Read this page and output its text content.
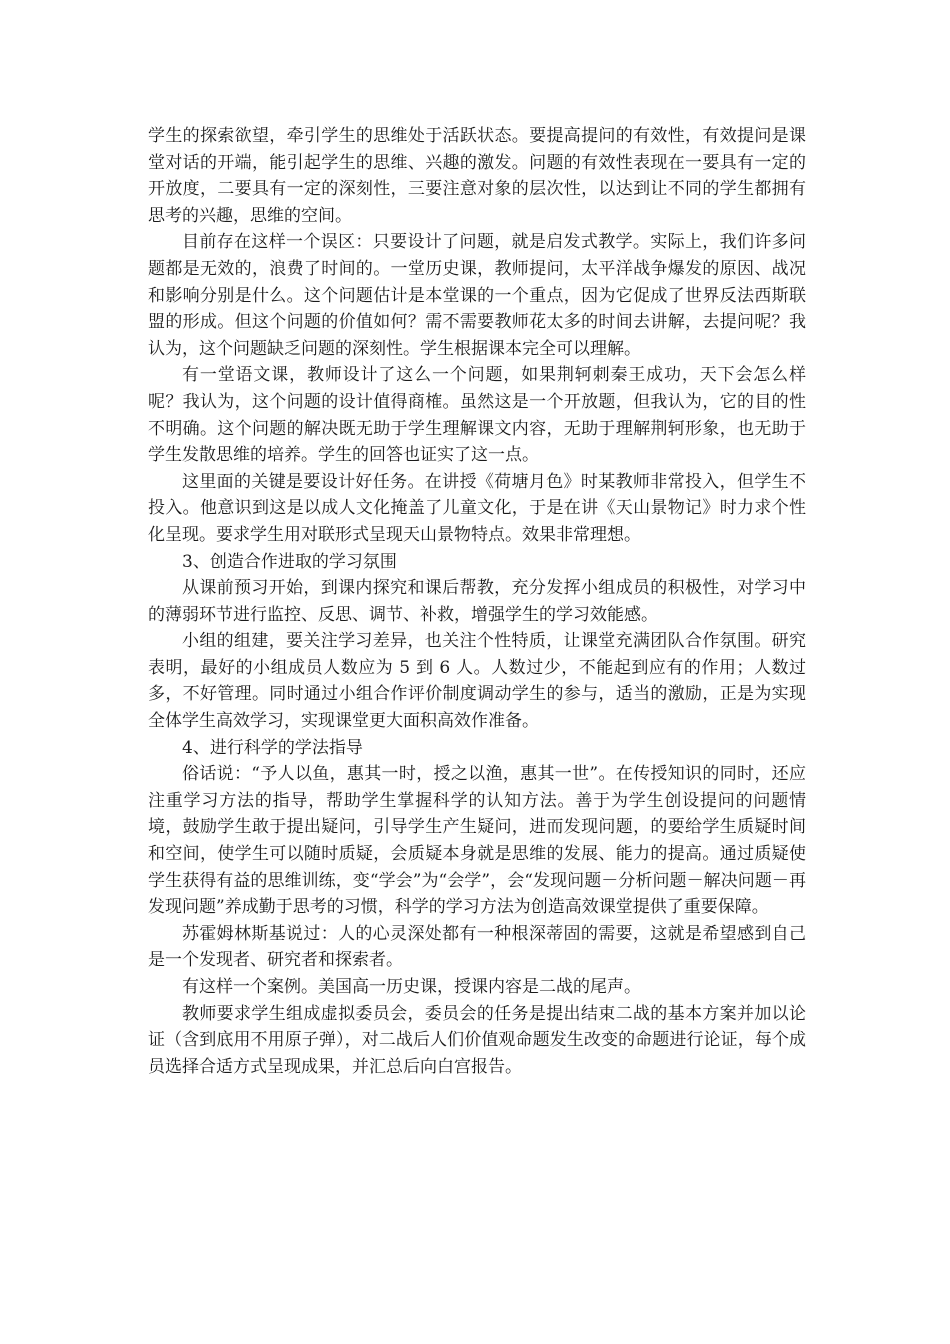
学生的探索欲望，牵引学生的思维处于活跃状态。要提高提问的有效性，有效提问是课堂对话的开端，能引起学生的思维、兴趣的激发。问题的有效性表现在一要具有一定的开放度，二要具有一定的深刻性，三要注意对象的层次性，以达到让不同的学生都拥有思考的兴趣，思维的空间。

目前存在这样一个误区：只要设计了问题，就是启发式教学。实际上，我们许多问题都是无效的，浪费了时间的。一堂历史课，教师提问，太平洋战争爆发的原因、战况和影响分别是什么。这个问题估计是本堂课的一个重点，因为它促成了世界反法西斯联盟的形成。但这个问题的价值如何？需不需要教师花太多的时间去讲解，去提问呢？我认为，这个问题缺乏问题的深刻性。学生根据课本完全可以理解。

有一堂语文课，教师设计了这么一个问题，如果荆轲刺秦王成功，天下会怎么样呢？我认为，这个问题的设计值得商榷。虽然这是一个开放题，但我认为，它的目的性不明确。这个问题的解决既无助于学生理解课文内容，无助于理解荆轲形象，也无助于学生发散思维的培养。学生的回答也证实了这一点。

这里面的关键是要设计好任务。在讲授《荷塘月色》时某教师非常投入，但学生不投入。他意识到这是以成人文化掩盖了儿童文化，于是在讲《天山景物记》时力求个性化呈现。要求学生用对联形式呈现天山景物特点。效果非常理想。

3、创造合作进取的学习氛围

从课前预习开始，到课内探究和课后帮教，充分发挥小组成员的积极性，对学习中的薄弱环节进行监控、反思、调节、补救，增强学生的学习效能感。

小组的组建，要关注学习差异，也关注个性特质，让课堂充满团队合作氛围。研究表明，最好的小组成员人数应为 5 到 6 人。人数过少，不能起到应有的作用；人数过多，不好管理。同时通过小组合作评价制度调动学生的参与，适当的激励，正是为实现全体学生高效学习，实现课堂更大面积高效作准备。

4、进行科学的学法指导

俗话说：“予人以鱼，惠其一时，授之以渔，惠其一世”。在传授知识的同时，还应注重学习方法的指导，帮助学生掌握科学的认知方法。善于为学生创设提问的问题情境，鼓励学生敢于提出疑问，引导学生产生疑问，进而发现问题，的要给学生质疑时间和空间，使学生可以随时质疑，会质疑本身就是思维的发展、能力的提高。通过质疑使学生获得有益的思维训练，变“学会”为“会学”，会“发现问题－分析问题－解决问题－再发现问题”养成勤于思考的习惯，科学的学习方法为创造高效课堂提供了重要保障。

苏霍姆林斯基说过：人的心灵深处都有一种根深蒂固的需要，这就是希望感到自己是一个发现者、研究者和探索者。

有这样一个案例。美国高一历史课，授课内容是二战的尾声。

教师要求学生组成虚拟委员会，委员会的任务是提出结束二战的基本方案并加以论证（含到底用不用原子弹），对二战后人们价值观命题发生改变的命题进行论证，每个成员选择合适方式呈现成果，并汇总后向白宫报告。
